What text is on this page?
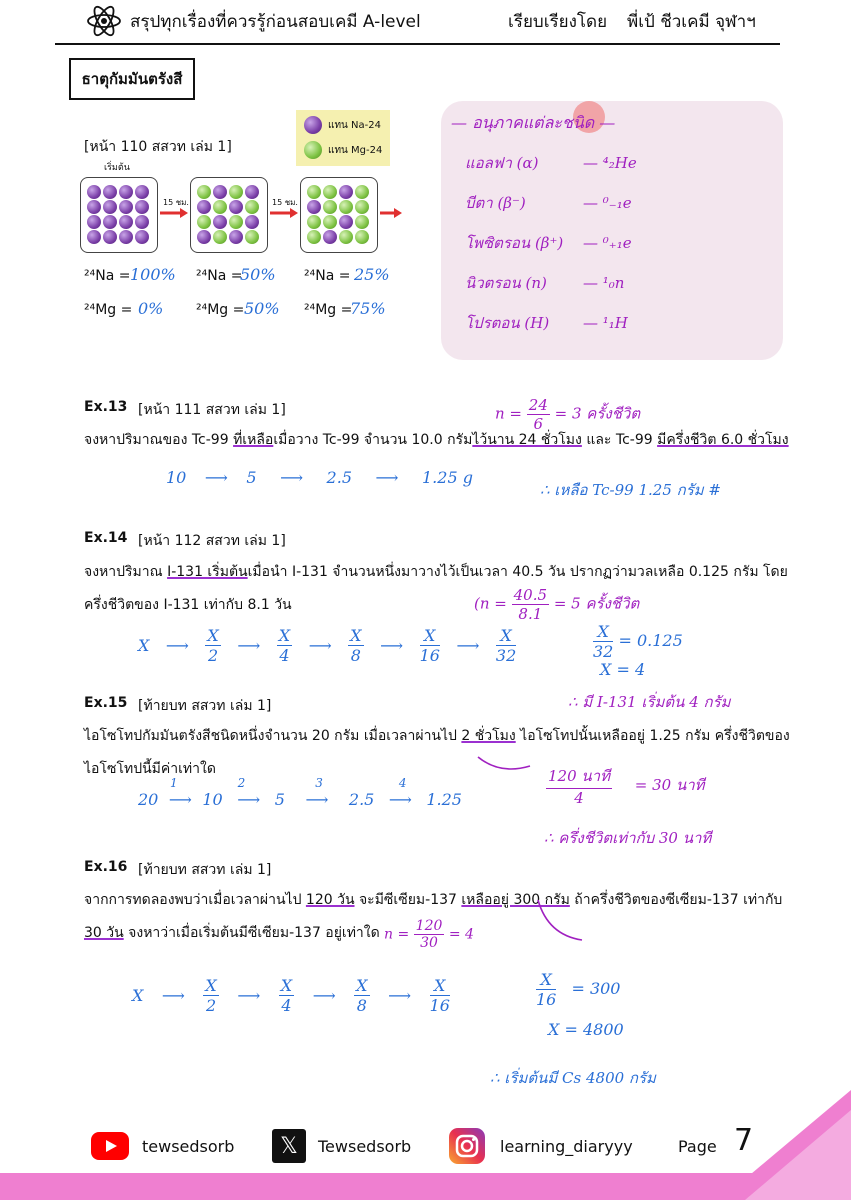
สรุปทุกเรื่องที่ควรรู้ก่อนสอบเคมี A-level	เรียบเรียงโดย พี่เป้ ชีวเคมี จุฬาฯ
ธาตุกัมมันตรังสี
[หน้า 110 สสวท เล่ม 1]
เริ่มต้น
แทน Na-24
แทน Mg-24
15 ชม.	15 ชม.
²⁴Na = 100%
²⁴Mg = 0%
²⁴Na =
50%
²⁴Mg = 50%
²⁴Na = 25%
²⁴Mg =
75%
— อนุภาคแต่ละชนิด —
แอลฟา (α)	— ⁴₂He
บีตา (β⁻)	— ⁰₋₁e
โพซิตรอน (β⁺) — ⁰₊₁e
นิวตรอน (n) — ¹₀n
โปรตอน (H) — ¹₁H
Ex.13 [หน้า 111 สสวท เล่ม 1]	$n = \frac{24}{6} = 3$ ครั้งชีวิต
จงหาปริมาณของ Tc-99 ที่เหลือเมื่อวาง Tc-99 จำนวน 10.0 กรัมไว้นาน 24 ชั่วโมง และ Tc-99 มีครึ่งชีวิต 6.0 ชั่วโมง
10 ⟶ 5 ⟶ 2.5 ⟶ 1.25 g
∴ เหลือ Tc-99 1.25 กรัม #
Ex.14 [หน้า 112 สสวท เล่ม 1]
จงหาปริมาณ I-131 เริ่มต้นเมื่อนำ I-131 จำนวนหนึ่งมาวางไว้เป็นเวลา 40.5 วัน ปรากฏว่ามวลเหลือ 0.125 กรัม โดย
ครึ่งชีวิตของ I-131 เท่ากับ 8.1 วัน	($n = \frac{40.5}{8.1} = 5$ ครั้งชีวิต
X ⟶ $\frac{X}{2}$ ⟶ $\frac{X}{4}$ ⟶ $\frac{X}{8}$ ⟶ $\frac{X}{16}$ ⟶ $\frac{X}{32}$	$\frac{X}{32} = 0.125$
X = 4
∴ มี I-131 เริ่มต้น 4 กรัม
Ex.15 [ท้ายบท สสวท เล่ม 1]
ไอโซโทปกัมมันตรังสีชนิดหนึ่งจำนวน 20 กรัม เมื่อเวลาผ่านไป 2 ชั่วโมง ไอโซโทปนั้นเหลืออยู่ 1.25 กรัม ครึ่งชีวิตของ
ไอโซโทปนี้มีค่าเท่าใด
1	2	3	4
20 ⟶ 10 ⟶ 5 ⟶ 2.5 ⟶ 1.25	$\frac{\text{120 นาที}}{4} = 30$ นาที
∴ ครึ่งชีวิตเท่ากับ 30 นาที
Ex.16 [ท้ายบท สสวท เล่ม 1]
จากการทดลองพบว่าเมื่อเวลาผ่านไป 120 วัน จะมีซีเซียม-137 เหลืออยู่ 300 กรัม ถ้าครึ่งชีวิตของซีเซียม-137 เท่ากับ
30 วัน จงหาว่าเมื่อเริ่มต้นมีซีเซียม-137 อยู่เท่าใด $n = \frac{120}{30} = 4$
X ⟶ $\frac{X}{2}$ ⟶ $\frac{X}{4}$ ⟶ $\frac{X}{8}$ ⟶ $\frac{X}{16}$	$\frac{X}{16} = 300$
X = 4800
∴ เริ่มต้นมี Cs 4800 กรัม
tewsedsorb	𝕏	Tewsedsorb	learning_diaryyy	Page 7
